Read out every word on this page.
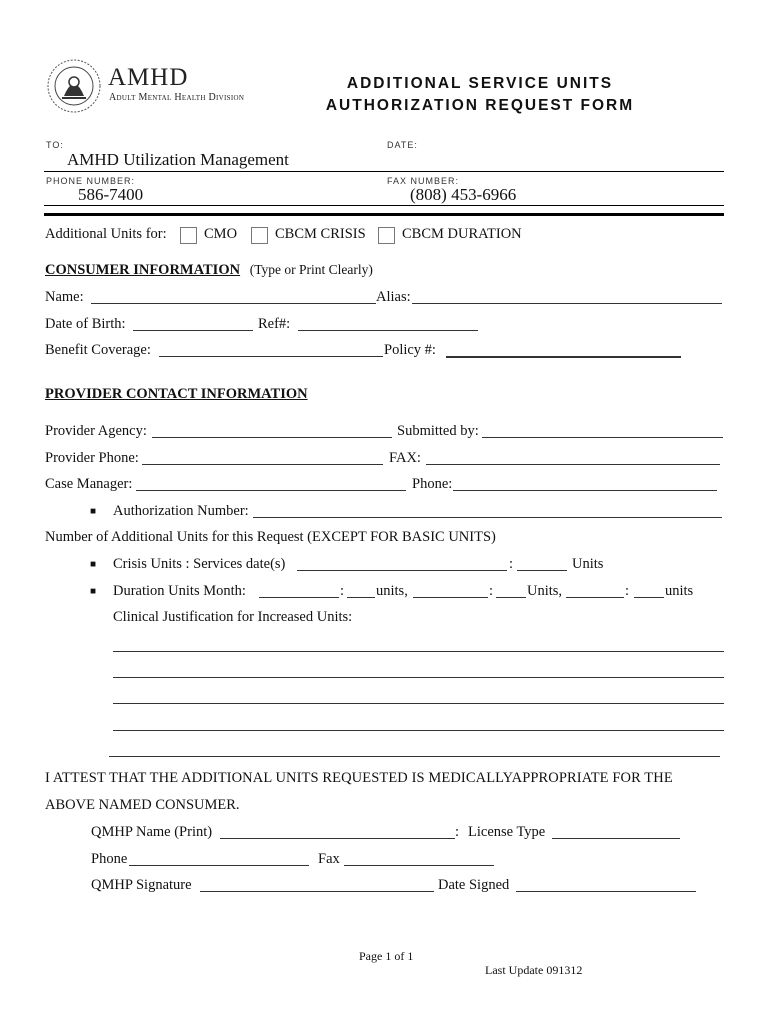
AMHD
Adult Mental Health Division
ADDITIONAL SERVICE UNITS
AUTHORIZATION REQUEST FORM
TO:	DATE:
AMHD Utilization Management
PHONE NUMBER:	FAX NUMBER:
586-7400	(808) 453-6966
Additional Units for:	CMO	CBCM CRISIS	CBCM DURATION
CONSUMER INFORMATION (Type or Print Clearly)
Name:	Alias:
Date of Birth:	Ref#:
Benefit Coverage:	Policy #:
PROVIDER CONTACT INFORMATION
Provider Agency:	Submitted by:
Provider Phone:	FAX:
Case Manager:	Phone:
■ Authorization Number:
Number of Additional Units for this Request (EXCEPT FOR BASIC UNITS)
■ Crisis Units : Services date(s)	:	Units
■ Duration Units Month:	: units,	: Units,	: units
Clinical Justification for Increased Units:
I ATTEST THAT THE ADDITIONAL UNITS REQUESTED IS MEDICALLYAPPROPRIATE FOR THE
ABOVE NAMED CONSUMER.
QMHP Name (Print)	: License Type
Phone	Fax
QMHP Signature	Date Signed
Page 1 of 1
Last Update 091312
